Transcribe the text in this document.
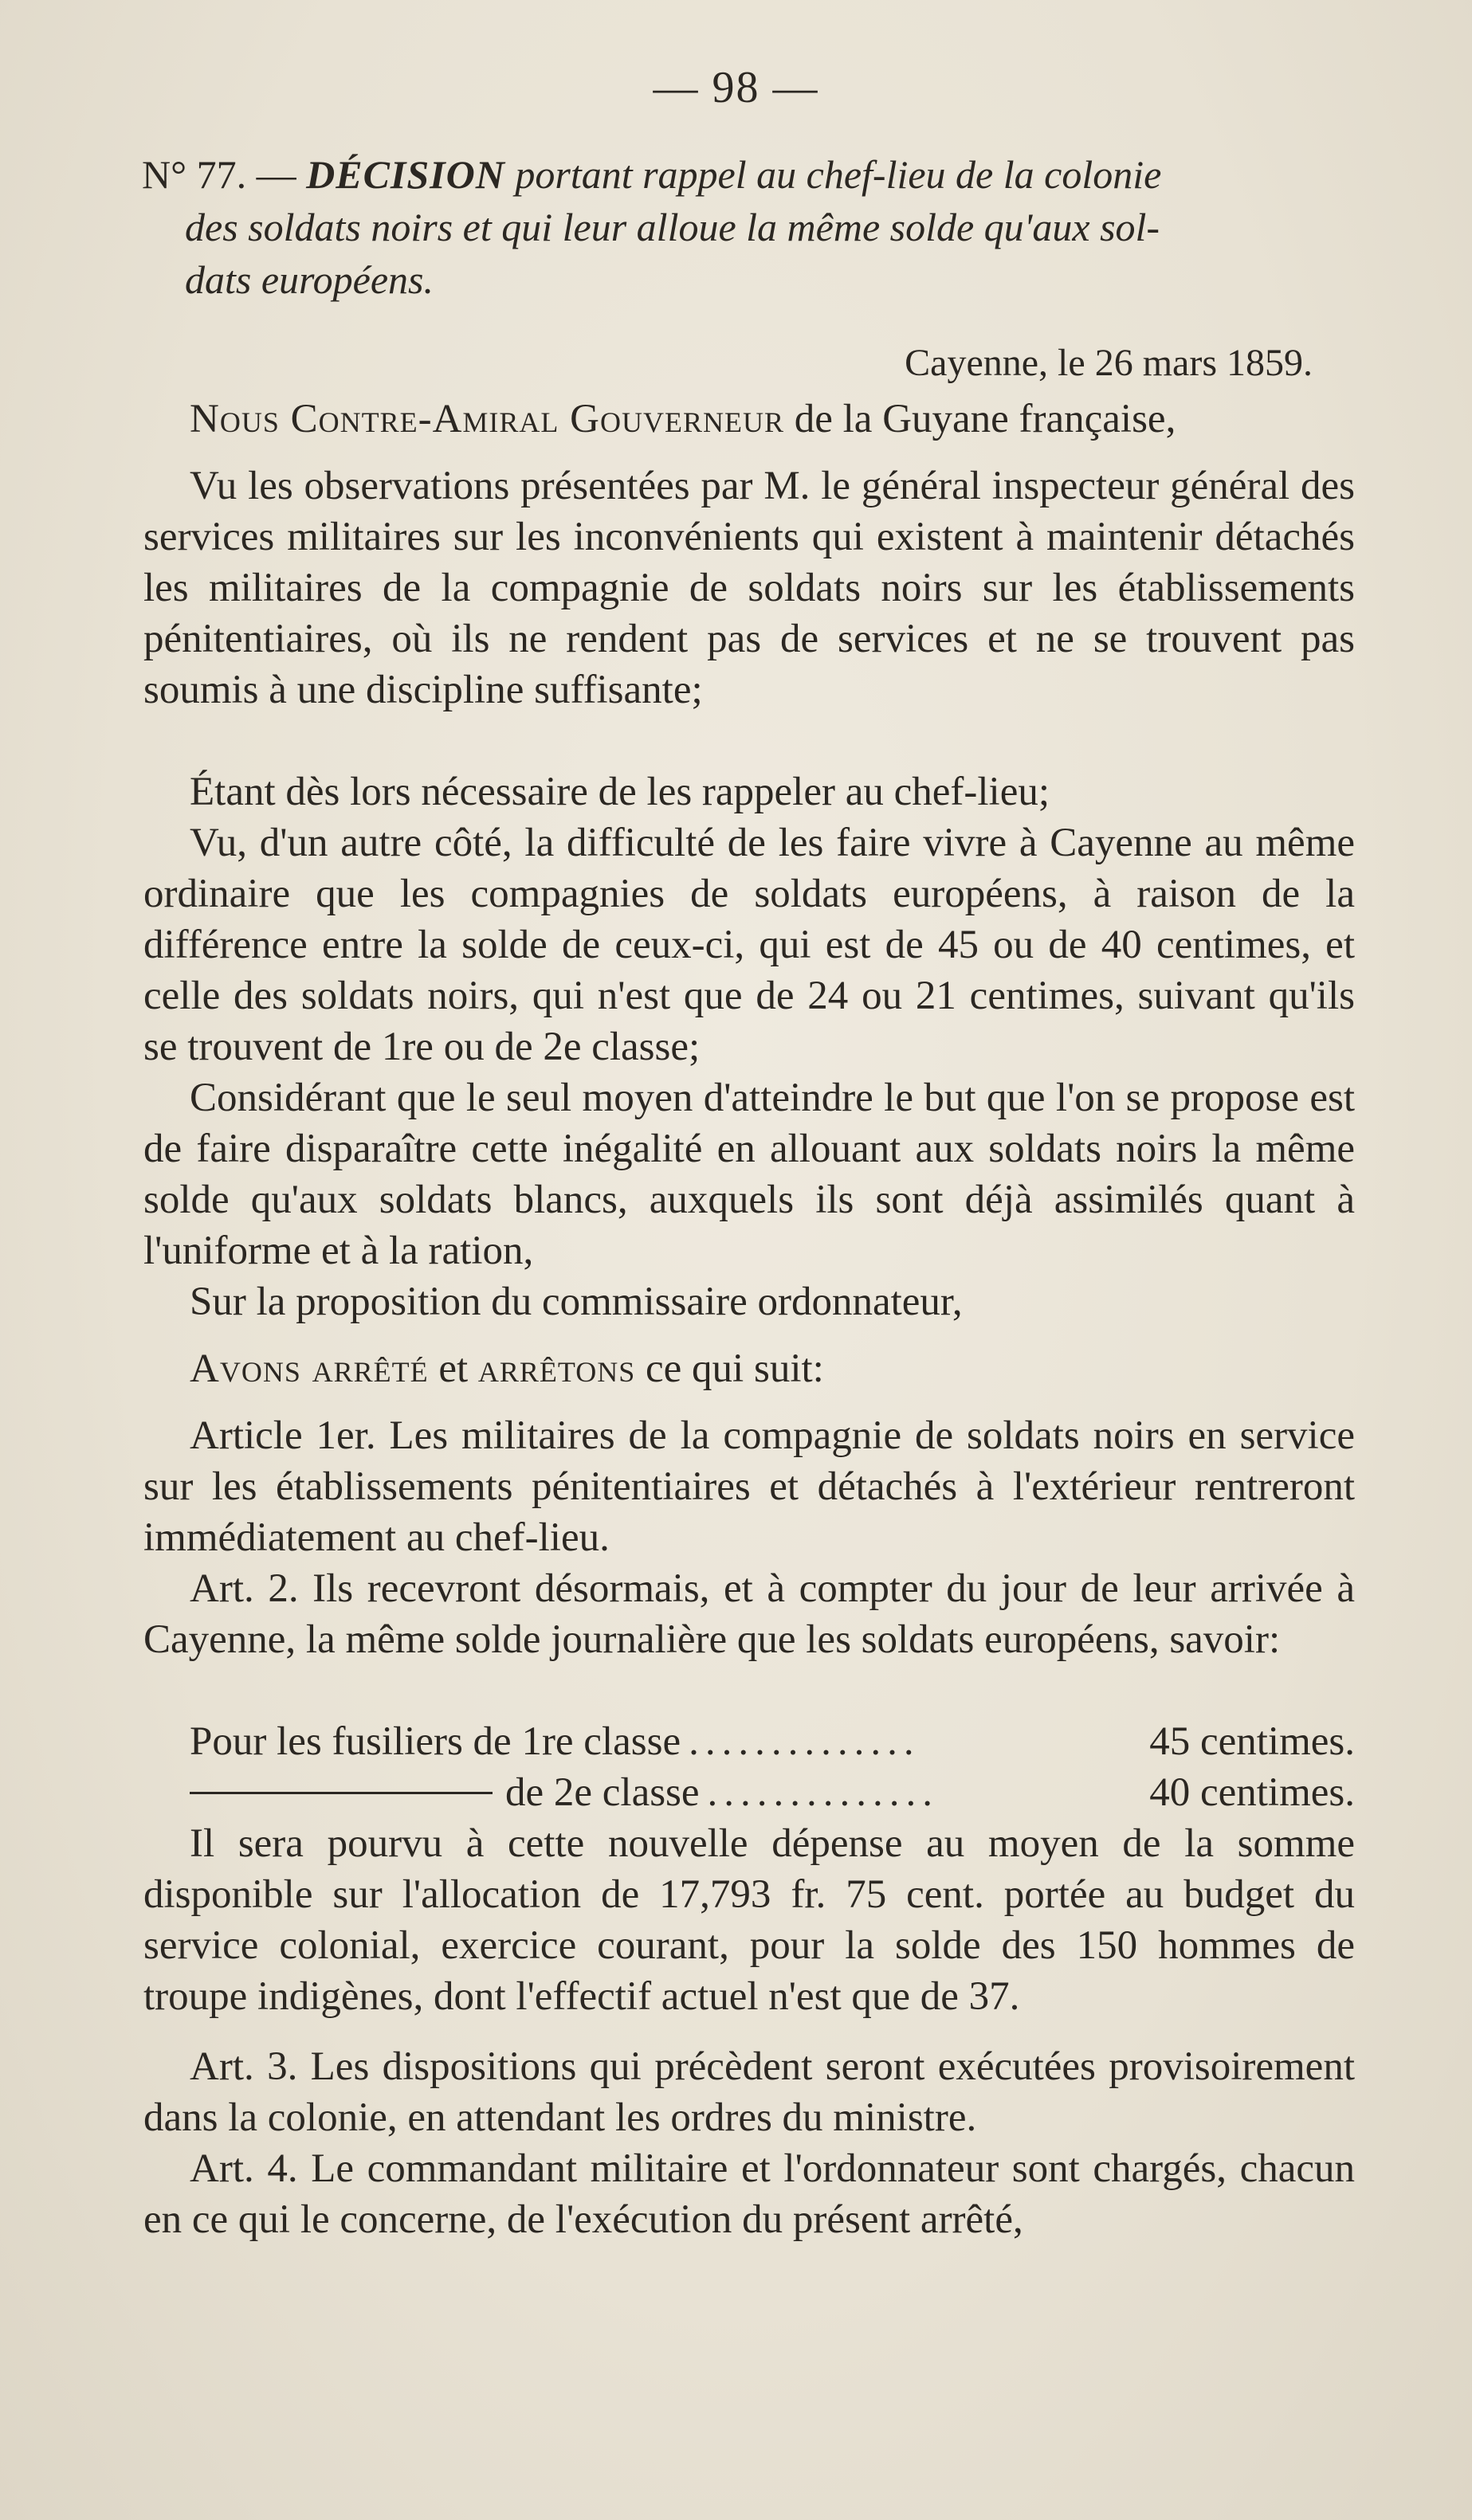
— 98 —
N° 77. — DÉCISION portant rappel au chef-lieu de la colonie
des soldats noirs et qui leur alloue la même solde qu'aux sol-
dats européens.
Cayenne, le 26 mars 1859.
Nous Contre-Amiral Gouverneur de la Guyane française,
Vu les observations présentées par M. le général inspecteur général des services militaires sur les inconvénients qui existent à maintenir détachés les militaires de la compagnie de soldats noirs sur les établissements pénitentiaires, où ils ne rendent pas de services et ne se trouvent pas soumis à une discipline suffisante;
Étant dès lors nécessaire de les rappeler au chef-lieu;
Vu, d'un autre côté, la difficulté de les faire vivre à Cayenne au même ordinaire que les compagnies de soldats européens, à raison de la différence entre la solde de ceux-ci, qui est de 45 ou de 40 centimes, et celle des soldats noirs, qui n'est que de 24 ou 21 centimes, suivant qu'ils se trouvent de 1re ou de 2e classe;
Considérant que le seul moyen d'atteindre le but que l'on se propose est de faire disparaître cette inégalité en allouant aux soldats noirs la même solde qu'aux soldats blancs, auxquels ils sont déjà assimilés quant à l'uniforme et à la ration,
Sur la proposition du commissaire ordonnateur,
Avons arrêté et arrêtons ce qui suit:
Article 1er. Les militaires de la compagnie de soldats noirs en service sur les établissements pénitentiaires et détachés à l'extérieur rentreront immédiatement au chef-lieu.
Art. 2. Ils recevront désormais, et à compter du jour de leur arrivée à Cayenne, la même solde journalière que les soldats européens, savoir:
Pour les fusiliers de 1re classe ..............	45 centimes.
de 2e classe ..............	40 centimes.
Il sera pourvu à cette nouvelle dépense au moyen de la somme disponible sur l'allocation de 17,793 fr. 75 cent. portée au budget du service colonial, exercice courant, pour la solde des 150 hommes de troupe indigènes, dont l'effectif actuel n'est que de 37.
Art. 3. Les dispositions qui précèdent seront exécutées provisoirement dans la colonie, en attendant les ordres du ministre.
Art. 4. Le commandant militaire et l'ordonnateur sont chargés, chacun en ce qui le concerne, de l'exécution du présent arrêté,
